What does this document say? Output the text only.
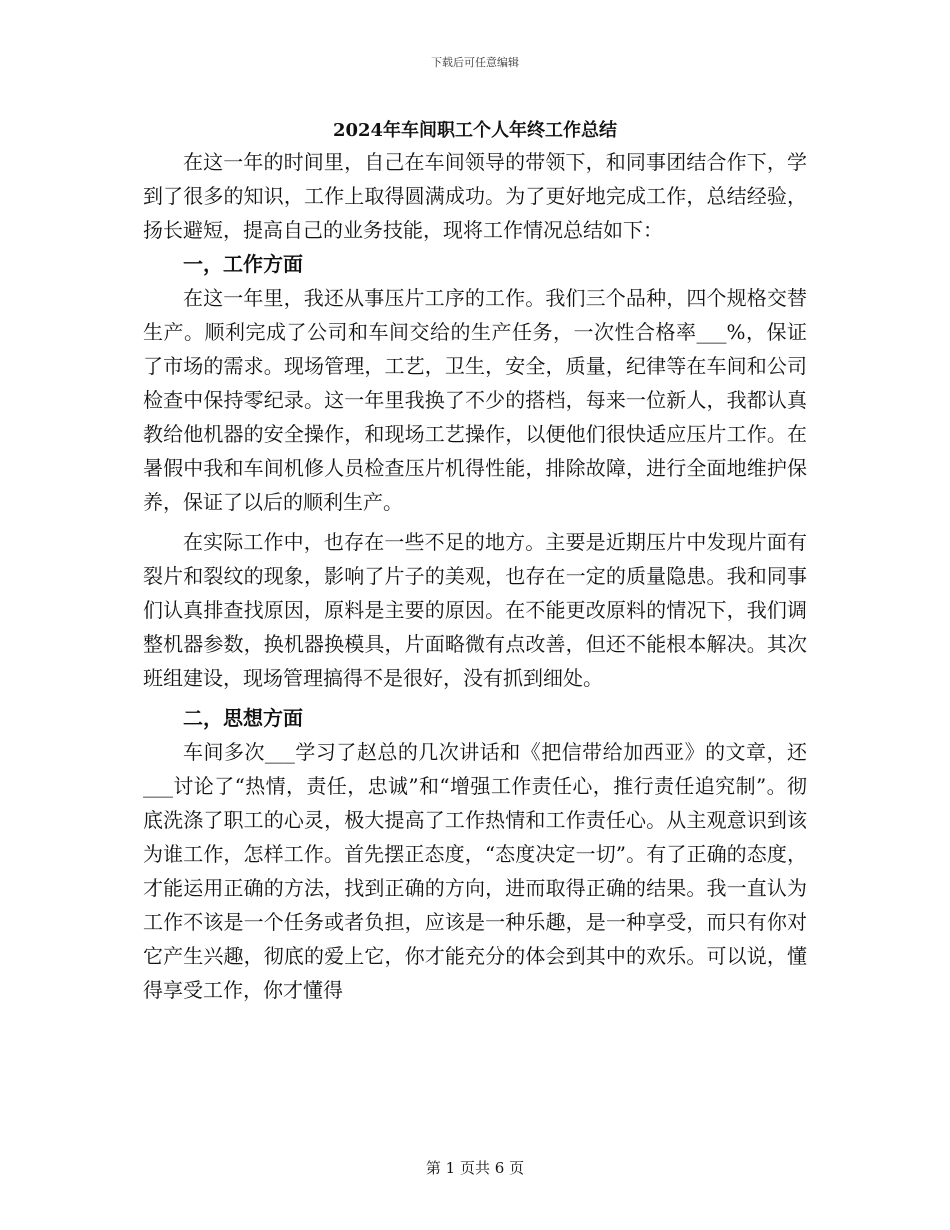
下载后可任意编辑
2024年车间职工个人年终工作总结

在这一年的时间里，自己在车间领导的带领下，和同事团结合作下，学到了很多的知识，工作上取得圆满成功。为了更好地完成工作，总结经验，扬长避短，提高自己的业务技能，现将工作情况总结如下：

一，工作方面

在这一年里，我还从事压片工序的工作。我们三个品种，四个规格交替生产。顺利完成了公司和车间交给的生产任务，一次性合格率___%，保证了市场的需求。现场管理，工艺，卫生，安全，质量，纪律等在车间和公司检查中保持零纪录。这一年里我换了不少的搭档，每来一位新人，我都认真教给他机器的安全操作，和现场工艺操作，以便他们很快适应压片工作。在暑假中我和车间机修人员检查压片机得性能，排除故障，进行全面地维护保养，保证了以后的顺利生产。

在实际工作中，也存在一些不足的地方。主要是近期压片中发现片面有裂片和裂纹的现象，影响了片子的美观，也存在一定的质量隐患。我和同事们认真排查找原因，原料是主要的原因。在不能更改原料的情况下，我们调整机器参数，换机器换模具，片面略微有点改善，但还不能根本解决。其次班组建设，现场管理搞得不是很好，没有抓到细处。

二，思想方面

车间多次___学习了赵总的几次讲话和《把信带给加西亚》的文章，还___讨论了“热情，责任，忠诚”和“增强工作责任心，推行责任追究制”。彻底洗涤了职工的心灵，极大提高了工作热情和工作责任心。从主观意识到该为谁工作，怎样工作。首先摆正态度，“态度决定一切”。有了正确的态度，才能运用正确的方法，找到正确的方向，进而取得正确的结果。我一直认为工作不该是一个任务或者负担，应该是一种乐趣，是一种享受，而只有你对它产生兴趣，彻底的爱上它，你才能充分的体会到其中的欢乐。可以说，懂得享受工作，你才懂得

第 1 页共 6 页
